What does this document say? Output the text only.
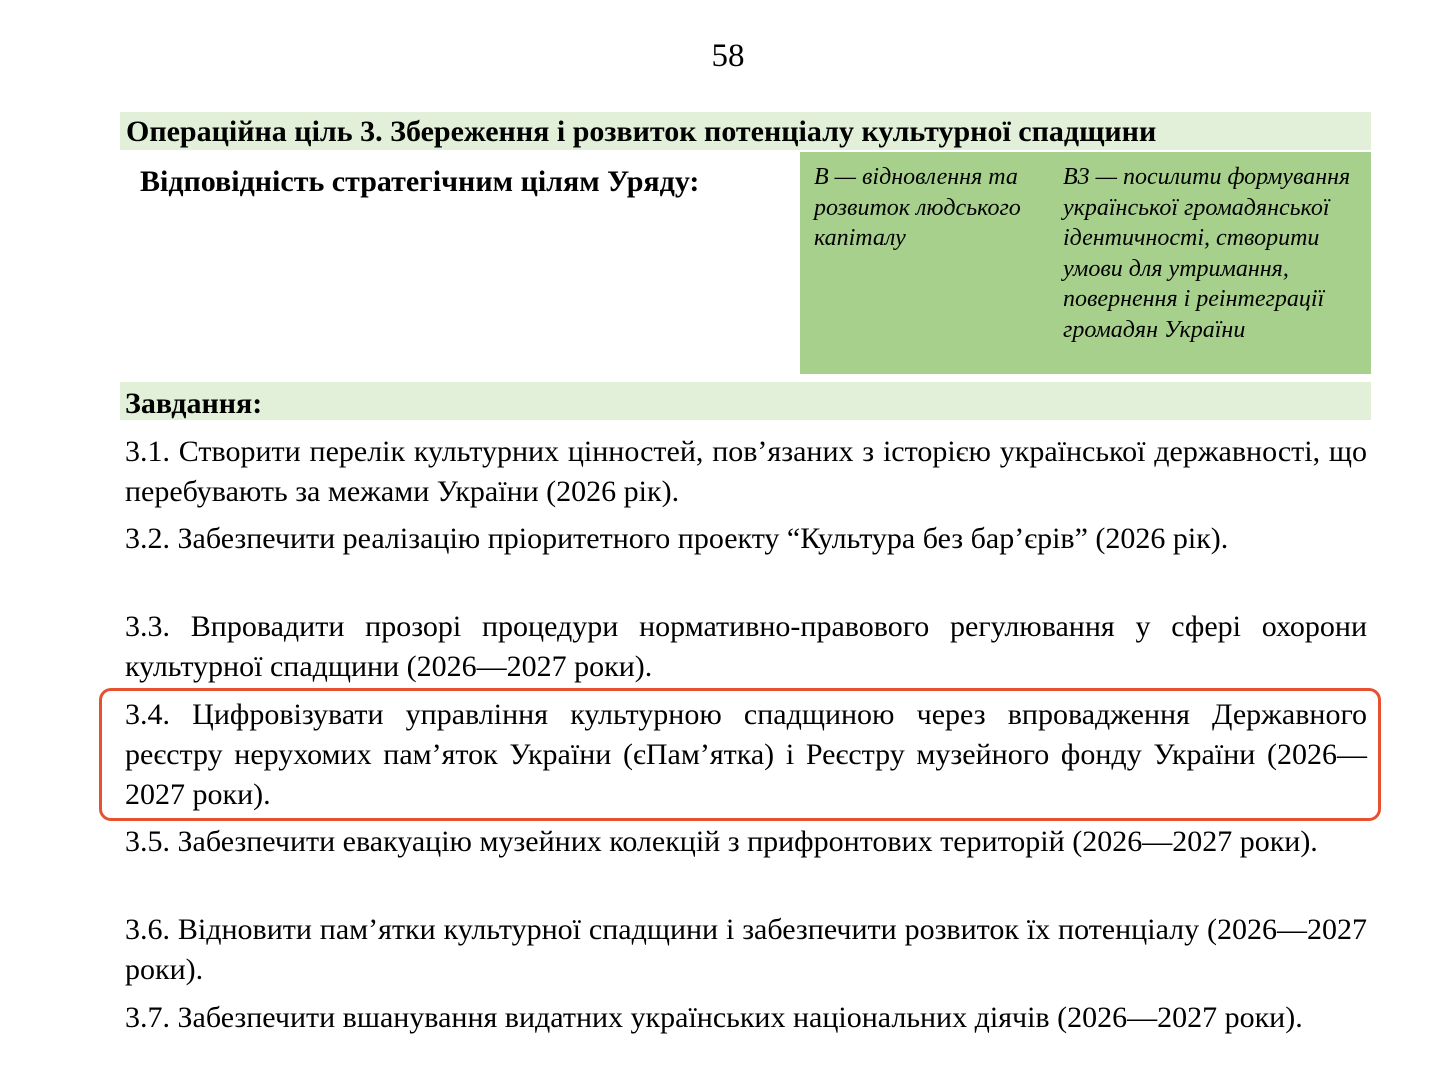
58
Операційна ціль 3. Збереження і розвиток потенціалу культурної спадщини
Відповідність стратегічним цілям Уряду:	В — відновлення та розвиток людського капіталу
В3 — посилити формування української громадянської ідентичності, створити умови для утримання, повернення і реінтеграції громадян України
Завдання:
3.1. Створити перелік культурних цінностей, пов’язаних з історією української державності, що перебувають за межами України (2026 рік).
3.2. Забезпечити реалізацію пріоритетного проекту “Культура без бар’єрів” (2026 рік).
3.3. Впровадити прозорі процедури нормативно-правового регулювання у сфері охорони культурної спадщини (2026—2027 роки).
3.4. Цифровізувати управління культурною спадщиною через впровадження Державного реєстру нерухомих пам’яток України (єПам’ятка) і Реєстру музейного фонду України (2026—2027 роки).
3.5. Забезпечити евакуацію музейних колекцій з прифронтових територій (2026—2027 роки).
3.6. Відновити пам’ятки культурної спадщини і забезпечити розвиток їх потенціалу (2026—2027 роки).
3.7. Забезпечити вшанування видатних українських національних діячів (2026—2027 роки).
